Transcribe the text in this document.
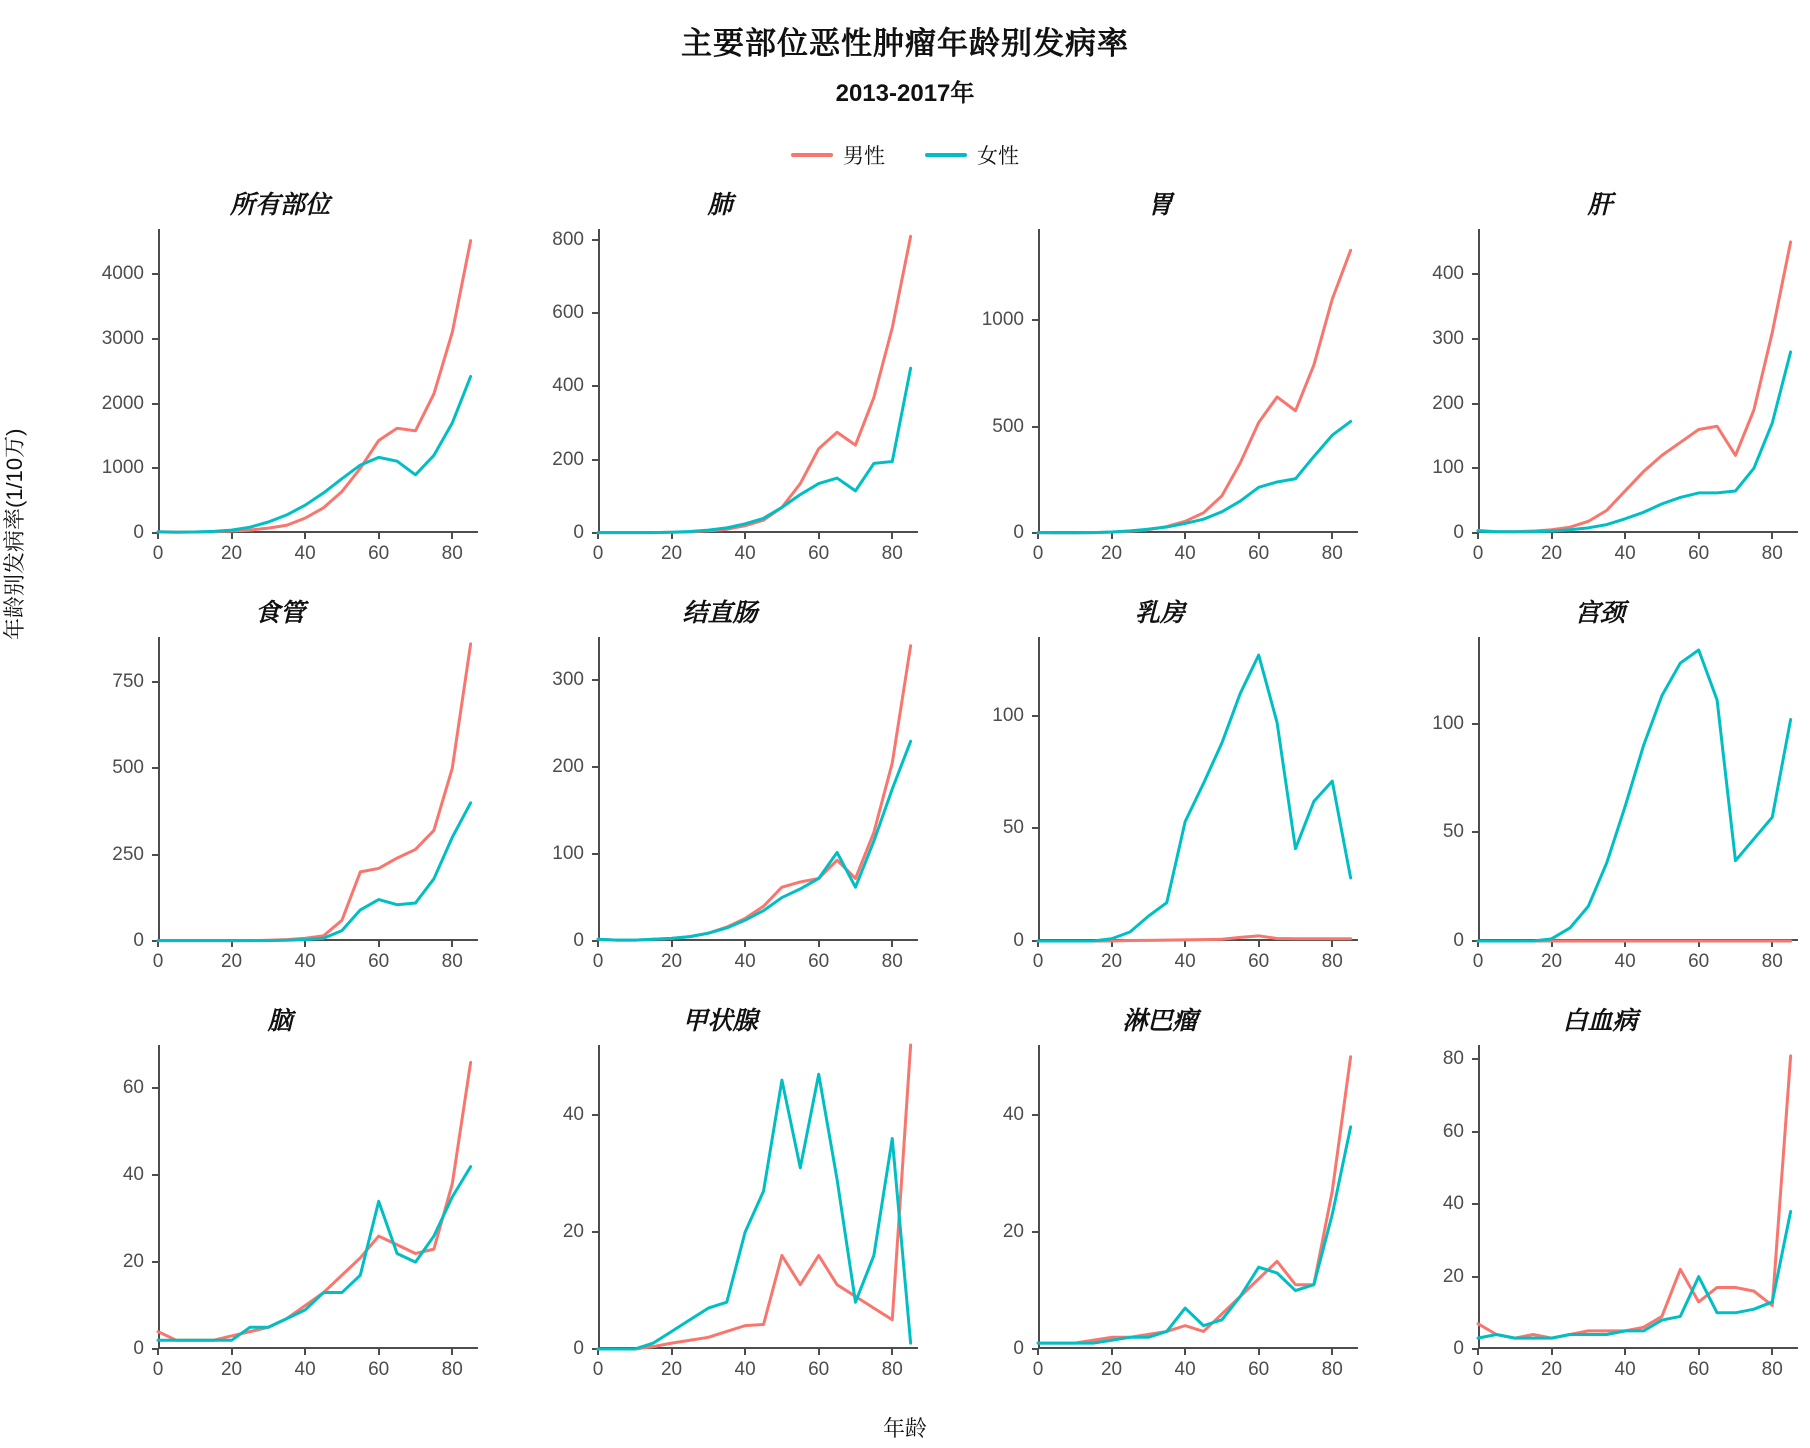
主要部位恶性肿瘤年龄别发病率
2013-2017年
男性	女性
所有部位
0
1000
2000
3000
4000
0	20	40	60	80
肺
0
200
400
600
800
0	20	40	60	80
胃
0
500
1000
0	20	40	60	80
肝
0
100
200
300
400
0	20	40	60	80
食管
0
250
500
750
0	20	40	60	80
结直肠
0
100
200
300
0	20	40	60	80
乳房
0
50
100
0	20	40	60	80
宫颈
0
50
100
0	20	40	60	80
脑
0
20
40
60
0	20	40	60	80
甲状腺
0
20
40
0	20	40	60	80
淋巴瘤
0
20
40
0	20	40	60	80
白血病
0
20
40
60
80
0	20	40	60	80
年龄别发病率(1/10万)
年龄
